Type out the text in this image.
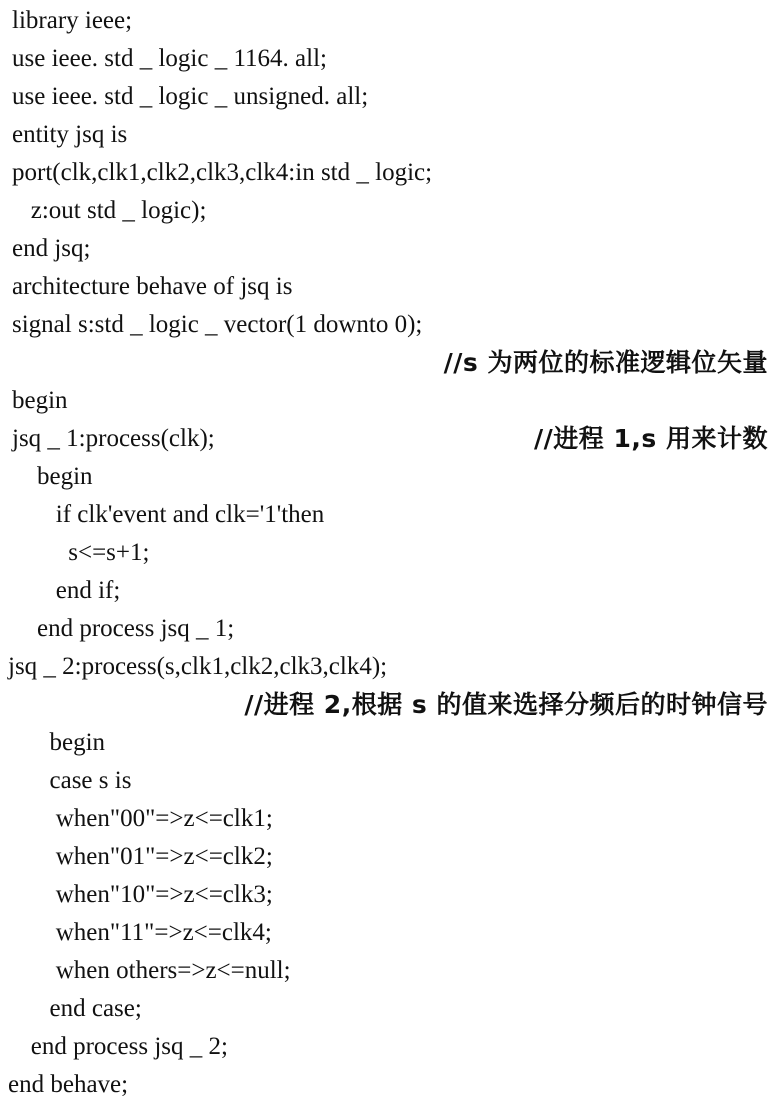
library ieee;
use ieee. std _ logic _ 1164. all;
use ieee. std _ logic _ unsigned. all;
entity jsq is
port(clk,clk1,clk2,clk3,clk4:in std _ logic;
z:out std _ logic);
end jsq;
architecture behave of jsq is
signal s:std _ logic _ vector(1 downto 0);
//s 为两位的标准逻辑位矢量
begin
jsq _ 1:process(clk);	//进程 1,s 用来计数
begin
if clk'event and clk='1'then
s<=s+1;
end if;
end process jsq _ 1;
jsq _ 2:process(s,clk1,clk2,clk3,clk4);
//进程 2,根据 s 的值来选择分频后的时钟信号
begin
case s is
when"00"=>z<=clk1;
when"01"=>z<=clk2;
when"10"=>z<=clk3;
when"11"=>z<=clk4;
when others=>z<=null;
end case;
end process jsq _ 2;
end behave;
